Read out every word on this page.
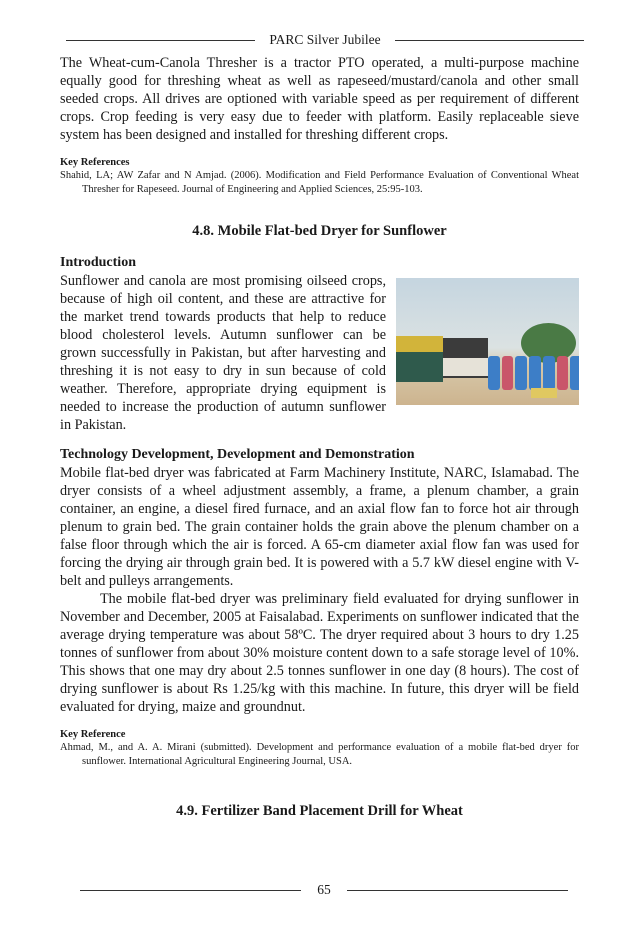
PARC Silver Jubilee

The Wheat-cum-Canola Thresher is a tractor PTO operated, a multi-purpose machine equally good for threshing wheat as well as rapeseed/mustard/canola and other small seeded crops. All drives are optioned with variable speed as per requirement of different crops. Crop feeding is very easy due to feeder with platform. Easily replaceable sieve system has been designed and installed for threshing different crops.

Key References
Shahid, LA; AW Zafar and N Amjad. (2006). Modification and Field Performance Evaluation of Conventional Wheat Thresher for Rapeseed. Journal of Engineering and Applied Sciences, 25:95-103.
4.8. Mobile Flat-bed Dryer for Sunflower
Introduction

Sunflower and canola are most promising oilseed crops, because of high oil content, and these are attractive for the market trend towards products that help to reduce blood cholesterol levels. Autumn sunflower can be grown successfully in Pakistan, but after harvesting and threshing it is not easy to dry in sun because of cold weather. Therefore, appropriate drying equipment is needed to increase the production of autumn sunflower in Pakistan.

Technology Development, Development and Demonstration

Mobile flat-bed dryer was fabricated at Farm Machinery Institute, NARC, Islamabad. The dryer consists of a wheel adjustment assembly, a frame, a plenum chamber, a grain container, an engine, a diesel fired furnace, and an axial flow fan to force hot air through plenum to grain bed. The grain container holds the grain above the plenum chamber on a false floor through which the air is forced. A 65-cm diameter axial flow fan was used for forcing the drying air through grain bed. It is powered with a 5.7 kW diesel engine with V-belt and pulleys arrangements.

The mobile flat-bed dryer was preliminary field evaluated for drying sunflower in November and December, 2005 at Faisalabad. Experiments on sunflower indicated that the average drying temperature was about 58ºC. The dryer required about 3 hours to dry 1.25 tonnes of sunflower from about 30% moisture content down to a safe storage level of 10%. This shows that one may dry about 2.5 tonnes sunflower in one day (8 hours). The cost of drying sunflower is about Rs 1.25/kg with this machine. In future, this dryer will be field evaluated for drying, maize and groundnut.

Key Reference
Ahmad, M., and A. A. Mirani (submitted). Development and performance evaluation of a mobile flat-bed dryer for sunflower. International Agricultural Engineering Journal, USA.
4.9. Fertilizer Band Placement Drill for Wheat
65
